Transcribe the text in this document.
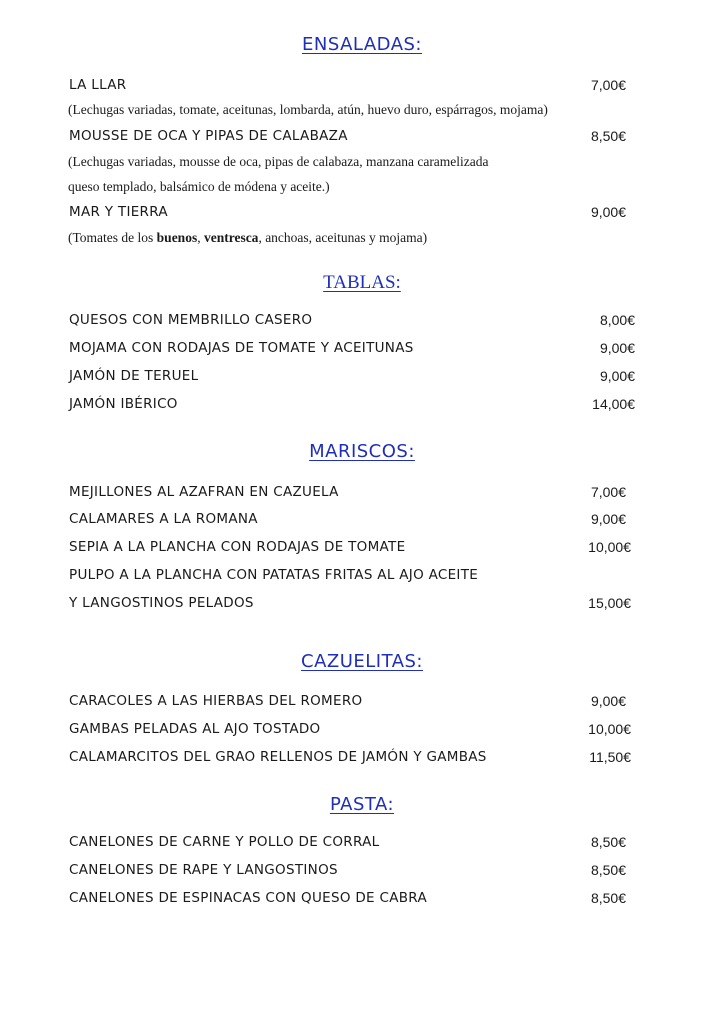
ENSALADAS:
LA LLAR	7,00€
(Lechugas variadas, tomate, aceitunas, lombarda, atún, huevo duro, espárragos, mojama)
MOUSSE DE OCA Y PIPAS DE CALABAZA	8,50€
(Lechugas variadas, mousse de oca, pipas de calabaza, manzana caramelizada
queso templado, balsámico de módena y aceite.)
MAR Y TIERRA	9,00€
(Tomates de los buenos, ventresca, anchoas, aceitunas y mojama)
TABLAS:
QUESOS CON MEMBRILLO CASERO	8,00€
MOJAMA CON RODAJAS DE TOMATE Y ACEITUNAS	9,00€
JAMÓN DE TERUEL	9,00€
JAMÓN IBÉRICO	14,00€
MARISCOS:
MEJILLONES AL AZAFRAN EN CAZUELA	7,00€
CALAMARES A LA ROMANA	9,00€
SEPIA A LA PLANCHA CON RODAJAS DE TOMATE	10,00€
PULPO A LA PLANCHA CON PATATAS FRITAS AL AJO ACEITE
Y LANGOSTINOS PELADOS	15,00€
CAZUELITAS:
CARACOLES A LAS HIERBAS DEL ROMERO	9,00€
GAMBAS PELADAS AL AJO TOSTADO	10,00€
CALAMARCITOS DEL GRAO RELLENOS DE JAMÓN Y GAMBAS	11,50€
PASTA:
CANELONES DE CARNE Y POLLO DE CORRAL	8,50€
CANELONES DE RAPE Y LANGOSTINOS	8,50€
CANELONES DE ESPINACAS CON QUESO DE CABRA	8,50€
